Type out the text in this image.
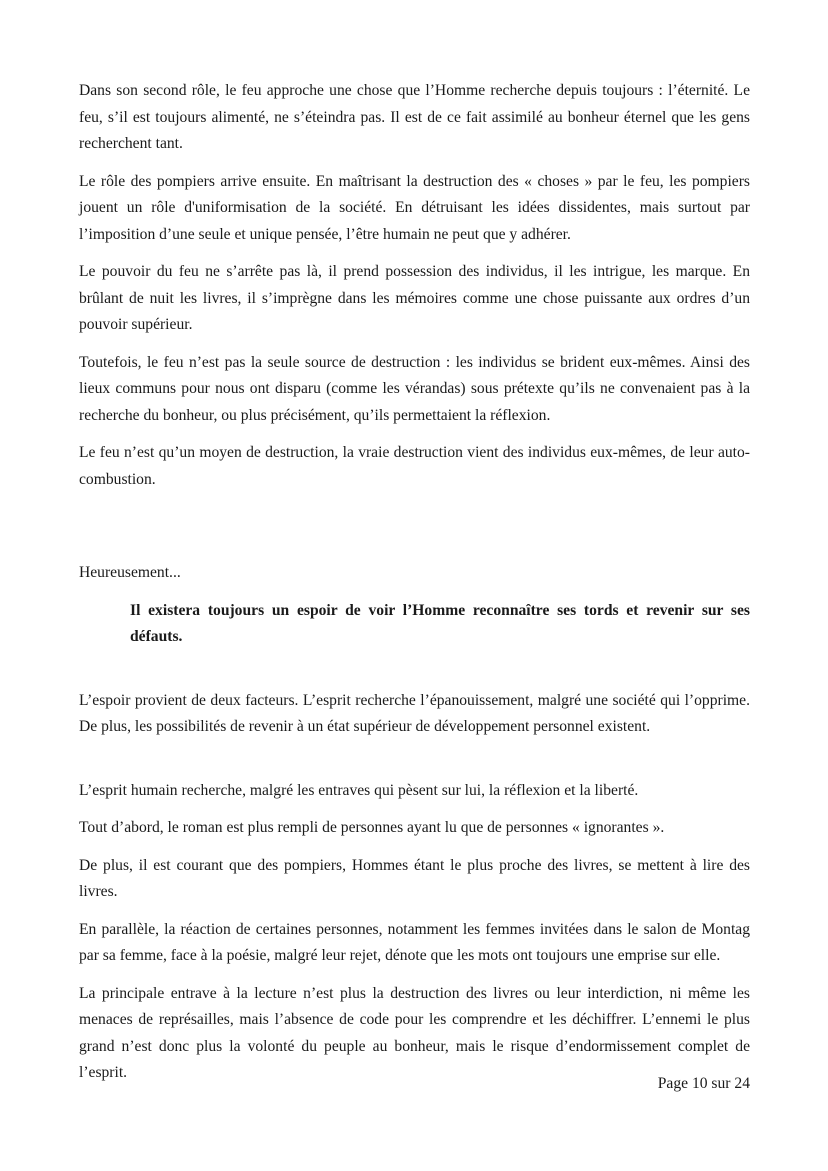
Dans son second rôle, le feu approche une chose que l’Homme recherche depuis toujours : l’éternité. Le feu, s’il est toujours alimenté, ne s’éteindra pas. Il est de ce fait assimilé au bonheur éternel que les gens recherchent tant.

Le rôle des pompiers arrive ensuite. En maîtrisant la destruction des « choses » par le feu, les pompiers jouent un rôle d'uniformisation de la société. En détruisant les idées dissidentes, mais surtout par l’imposition d’une seule et unique pensée, l’être humain ne peut que y adhérer.

Le pouvoir du feu ne s’arrête pas là, il prend possession des individus, il les intrigue, les marque. En brûlant de nuit les livres, il s’imprègne dans les mémoires comme une chose puissante aux ordres d’un pouvoir supérieur.

Toutefois, le feu n’est pas la seule source de destruction : les individus se brident eux-mêmes. Ainsi des lieux communs pour nous ont disparu (comme les vérandas) sous prétexte qu’ils ne convenaient pas à la recherche du bonheur, ou plus précisément, qu’ils permettaient la réflexion.

Le feu n’est qu’un moyen de destruction, la vraie destruction vient des individus eux-mêmes, de leur auto-combustion.

Heureusement...

Il existera toujours un espoir de voir l’Homme reconnaître ses tords et revenir sur ses défauts.

L’espoir provient de deux facteurs. L’esprit recherche l’épanouissement, malgré une société qui l’opprime. De plus, les possibilités de revenir à un état supérieur de développement personnel existent.

L’esprit humain recherche, malgré les entraves qui pèsent sur lui, la réflexion et la liberté.

Tout d’abord, le roman est plus rempli de personnes ayant lu que de personnes « ignorantes ».

De plus, il est courant que des pompiers, Hommes étant le plus proche des livres, se mettent à lire des livres.

En parallèle, la réaction de certaines personnes, notamment les femmes invitées dans le salon de Montag par sa femme, face à la poésie, malgré leur rejet, dénote que les mots ont toujours une emprise sur elle.

La principale entrave à la lecture n’est plus la destruction des livres ou leur interdiction, ni même les menaces de représailles, mais l’absence de code pour les comprendre et les déchiffrer. L’ennemi le plus grand n’est donc plus la volonté du peuple au bonheur, mais le risque d’endormissement complet de l’esprit.

Page 10 sur 24
